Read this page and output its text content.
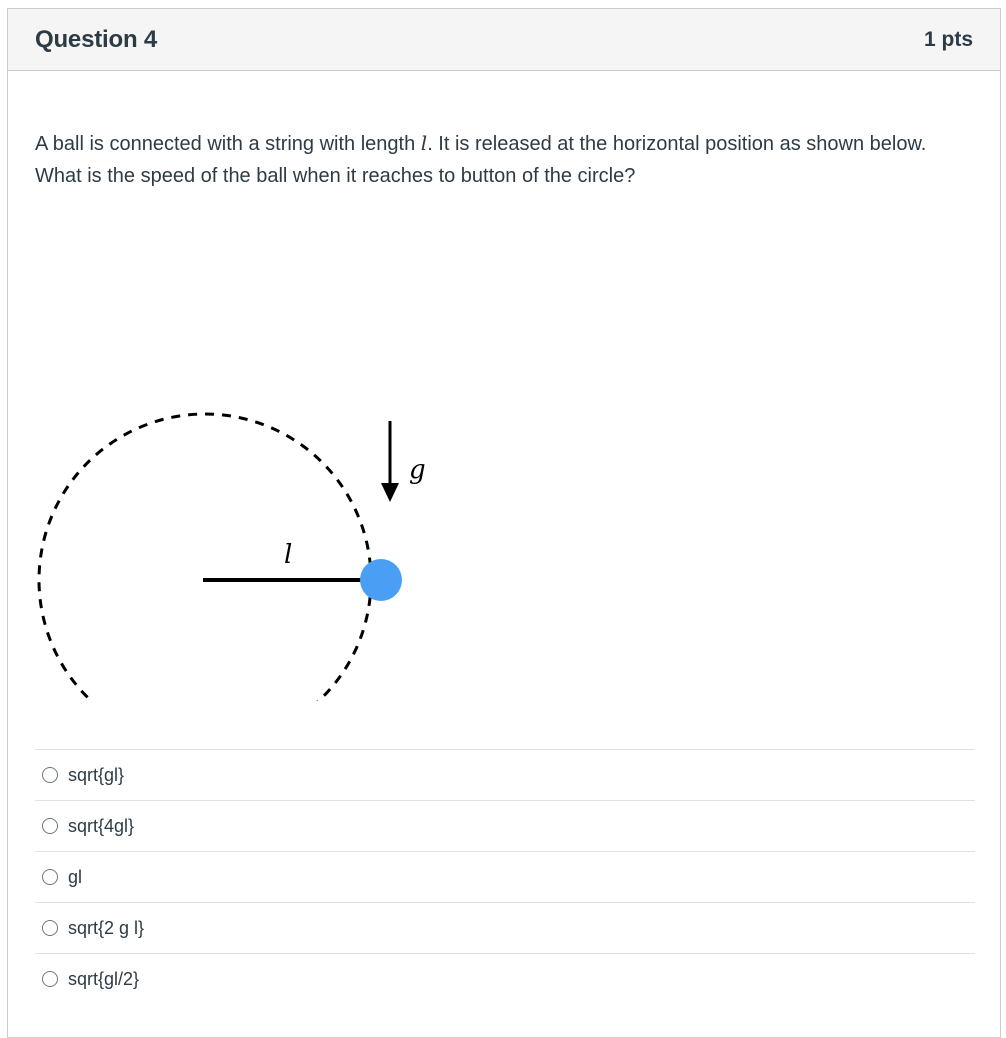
Question 4	1 pts
A ball is connected with a string with length l. It is released at the horizontal position as shown below. What is the speed of the ball when it reaches to button of the circle?
g
l
sqrt{gl}
sqrt{4gl}
gl
sqrt{2 g l}
sqrt{gl/2}
